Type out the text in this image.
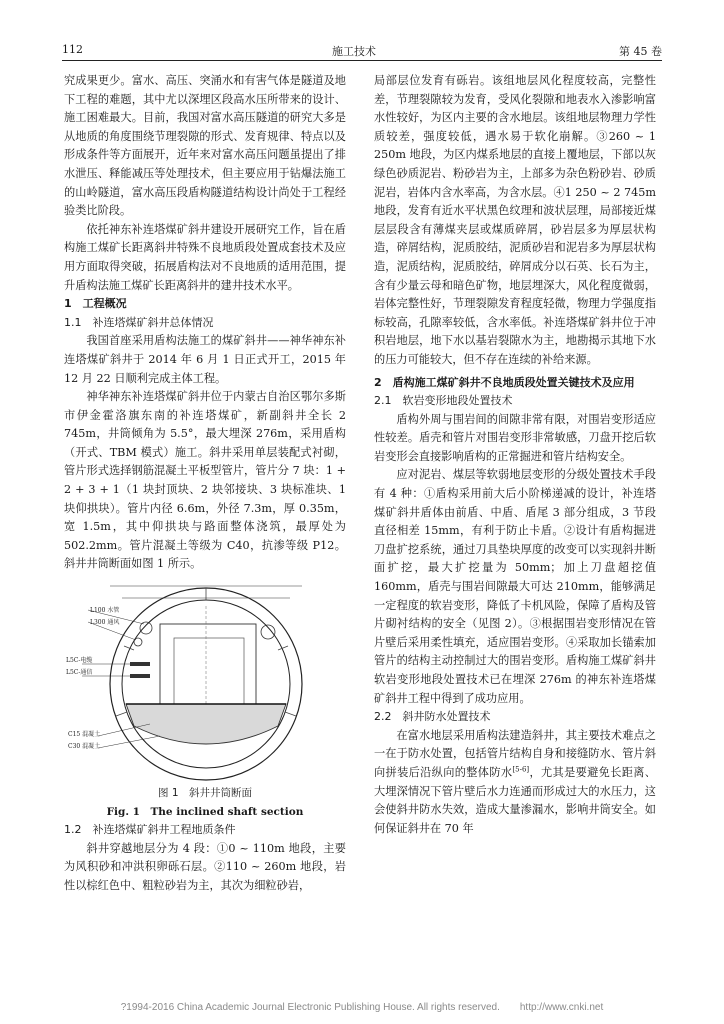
112	施工技术	第 45 卷

究成果更少。富水、高压、突涌水和有害气体是隧道及地下工程的难题，其中尤以深埋区段高水压所带来的设计、施工困难最大。目前，我国对富水高压隧道的研究大多是从地质的角度围绕节理裂隙的形式、发育规律、特点以及形成条件等方面展开，近年来对富水高压问题虽提出了排水泄压、释能减压等处理技术，但主要应用于钻爆法施工的山岭隧道，富水高压段盾构隧道结构设计尚处于工程经验类比阶段。

依托神东补连塔煤矿斜井建设开展研究工作，旨在盾构施工煤矿长距离斜井特殊不良地质段处置成套技术及应用方面取得突破，拓展盾构法对不良地质的适用范围，提升盾构法施工煤矿长距离斜井的建井技术水平。

1　工程概况

1.1　补连塔煤矿斜井总体情况

我国首座采用盾构法施工的煤矿斜井——神华神东补连塔煤矿斜井于 2014 年 6 月 1 日正式开工，2015 年 12 月 22 日顺利完成主体工程。

神华神东补连塔煤矿斜井位于内蒙古自治区鄂尔多斯市伊金霍洛旗东南的补连塔煤矿，新副斜井全长 2 745m，井筒倾角为 5.5°，最大埋深 276m，采用盾构（开式、TBM 模式）施工。斜井采用单层装配式衬砌，管片形式选择钢筋混凝土平板型管片，管片分 7 块：1 + 2 + 3 + 1（1 块封顶块、2 块邻接块、3 块标准块、1 块仰拱块）。管片内径 6.6m，外径 7.3m，厚 0.35m，宽 1.5m，其中仰拱块与路面整体浇筑，最厚处为 502.2mm。管片混凝土等级为 C40，抗渗等级 P12。斜井井筒断面如图 1 所示。

L100 水管
L300 通风
L5C-电缆
L5C-通信
C15 混凝土
C30 混凝土

图 1　斜井井筒断面

Fig. 1　The inclined shaft section

1.2　补连塔煤矿斜井工程地质条件

斜井穿越地层分为 4 段：①0 ~ 110m 地段，主要为风积砂和冲洪积卵砾石层。②110 ~ 260m 地段，岩性以棕红色中、粗粒砂岩为主，其次为细粒砂岩，

局部层位发育有砾岩。该组地层风化程度较高，完整性差，节理裂隙较为发育，受风化裂隙和地表水入渗影响富水性较好，为区内主要的含水地层。该组地层物理力学性质较差，强度较低，遇水易于软化崩解。③260 ~ 1 250m 地段，为区内煤系地层的直接上覆地层，下部以灰绿色砂质泥岩、粉砂岩为主，上部多为杂色粉砂岩、砂质泥岩，岩体内含水率高，为含水层。④1 250 ~ 2 745m 地段，发育有近水平状黑色纹理和波状层理，局部接近煤层层段含有薄煤夹层或煤质碎屑，砂岩层多为厚层状构造，碎屑结构，泥质胶结，泥质砂岩和泥岩多为厚层状构造，泥质结构，泥质胶结，碎屑成分以石英、长石为主，含有少量云母和暗色矿物，地层埋深大，风化程度微弱，岩体完整性好，节理裂隙发育程度轻微，物理力学强度指标较高，孔隙率较低，含水率低。补连塔煤矿斜井位于冲积岩地层，地下水以基岩裂隙水为主，地勘揭示其地下水的压力可能较大，但不存在连续的补给来源。

2　盾构施工煤矿斜井不良地质段处置关键技术及应用

2.1　软岩变形地段处置技术

盾构外周与围岩间的间隙非常有限，对围岩变形适应性较差。盾壳和管片对围岩变形非常敏感，刀盘开挖后软岩变形会直接影响盾构的正常掘进和管片结构安全。

应对泥岩、煤层等软弱地层变形的分级处置技术手段有 4 种：①盾构采用前大后小阶梯递减的设计，补连塔煤矿斜井盾体由前盾、中盾、盾尾 3 部分组成，3 节段直径相差 15mm，有利于防止卡盾。②设计有盾构掘进刀盘扩挖系统，通过刀具垫块厚度的改变可以实现斜井断面扩挖，最大扩挖量为 50mm；加上刀盘超挖值 160mm，盾壳与围岩间隙最大可达 210mm，能够满足一定程度的软岩变形，降低了卡机风险，保障了盾构及管片砌衬结构的安全（见图 2）。③根据围岩变形情况在管片壁后采用柔性填充，适应围岩变形。④采取加长锚索加管片的结构主动控制过大的围岩变形。盾构施工煤矿斜井软岩变形地段处置技术已在埋深 276m 的神东补连塔煤矿斜井工程中得到了成功应用。

2.2　斜井防水处置技术

在富水地层采用盾构法建造斜井，其主要技术难点之一在于防水处置，包括管片结构自身和接缝防水、管片斜向拼装后沿纵向的整体防水[5-6]，尤其是要避免长距离、大埋深情况下管片壁后水力连通而形成过大的水压力，这会使斜井防水失效，造成大量渗漏水，影响井筒安全。如何保证斜井在 70 年

?1994-2016 China Academic Journal Electronic Publishing House. All rights reserved.　　http://www.cnki.net
